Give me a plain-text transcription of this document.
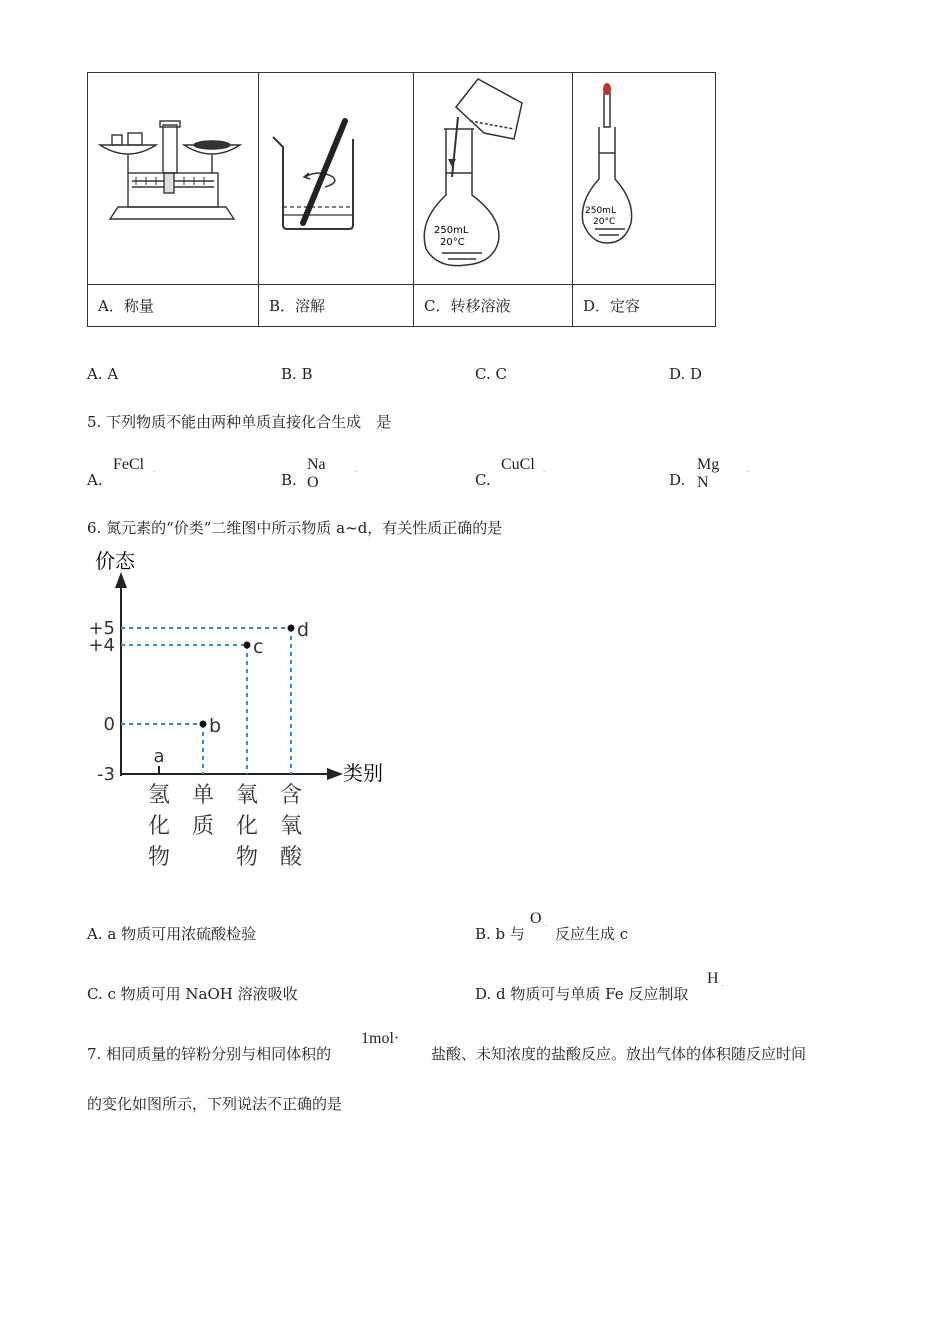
250mL
20°C	250mL
20°C

A．称量	B．溶解	C．转移溶液	D．定容
A. A	B. B	C. C	D. D
5. 下列物质不能由两种单质直接化合生成　是
A.
FeCl -	B.
Na O
-	C.
CuCl -	D.
Mg N
-
6. 氮元素的“价类”二维图中所示物质 a~d，有关性质正确的是
价态
类别
+5
+4
0
-3
氢化物
单质
氧化物
含氧酸
a
b
c
d
A. a 物质可用浓硫酸检验	B. b 与
O - 反应生成 c
C. c 物质可用 NaOH 溶液吸收	D. d 物质可与单质 Fe 反应制取
H -
7. 相同质量的锌粉分别与相同体积的
1mol·
盐酸、未知浓度的盐酸反应。放出气体的体积随反应时间
的变化如图所示，下列说法不正确的是
